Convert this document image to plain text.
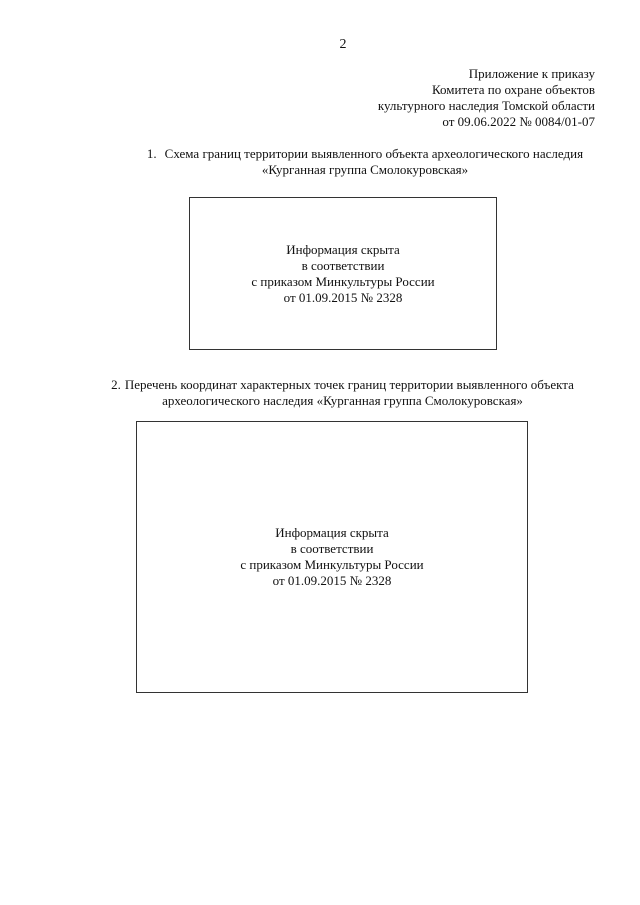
2
Приложение к приказу
Комитета по охране объектов
культурного наследия Томской области
от 09.06.2022 № 0084/01-07
1. Схема границ территории выявленного объекта археологического наследия
«Курганная группа Смолокуровская»
Информация скрыта
в соответствии
с приказом Минкультуры России
от 01.09.2015 № 2328
2. Перечень координат характерных точек границ территории выявленного объекта
археологического наследия «Курганная группа Смолокуровская»
Информация скрыта
в соответствии
с приказом Минкультуры России
от 01.09.2015 № 2328
